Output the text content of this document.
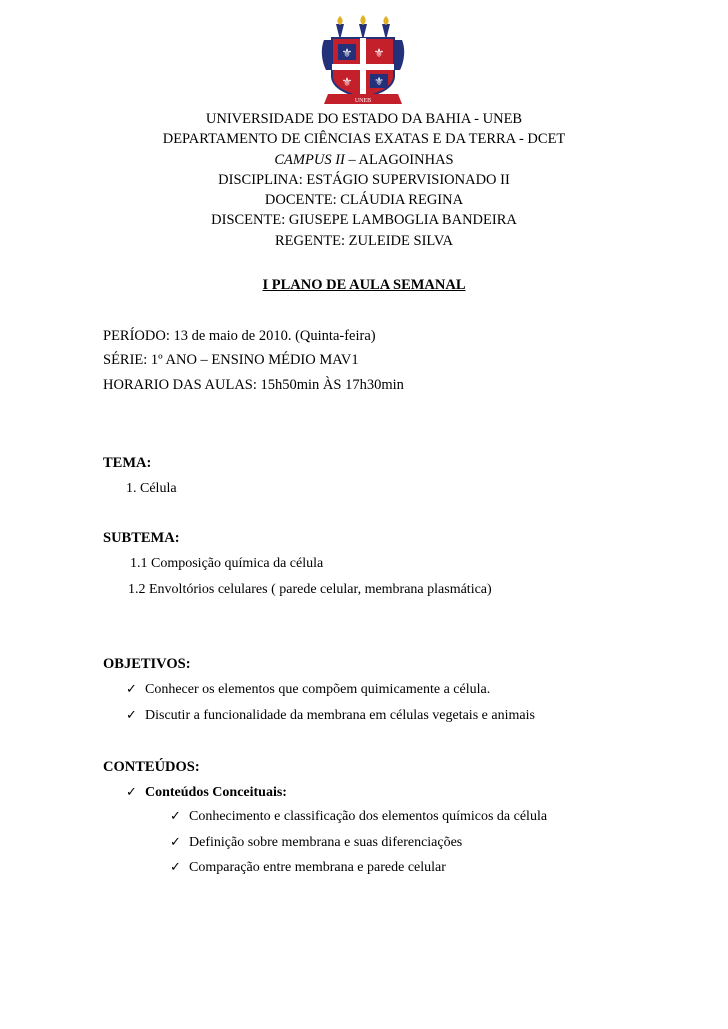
⚜ ⚜
⚜ ⚜
UNEB
UNIVERSIDADE DO ESTADO DA BAHIA - UNEB
DEPARTAMENTO DE CIÊNCIAS EXATAS E DA TERRA - DCET
CAMPUS II – ALAGOINHAS
DISCIPLINA: ESTÁGIO SUPERVISIONADO II
DOCENTE: CLÁUDIA REGINA
DISCENTE: GIUSEPE LAMBOGLIA BANDEIRA
REGENTE: ZULEIDE SILVA
I PLANO DE AULA SEMANAL
PERÍODO: 13 de maio de 2010. (Quinta-feira)
SÉRIE: 1º ANO – ENSINO MÉDIO MAV1
HORARIO DAS AULAS: 15h50min ÀS 17h30min
TEMA:
1. Célula
SUBTEMA:
1.1 Composição química da célula
1.2 Envoltórios celulares ( parede celular, membrana plasmática)
OBJETIVOS:
✓ Conhecer os elementos que compõem quimicamente a célula.
✓ Discutir a funcionalidade da membrana em células vegetais e animais
CONTEÚDOS:
✓ Conteúdos Conceituais:
✓ Conhecimento e classificação dos elementos químicos da célula
✓ Definição sobre membrana e suas diferenciações
✓ Comparação entre membrana e parede celular
